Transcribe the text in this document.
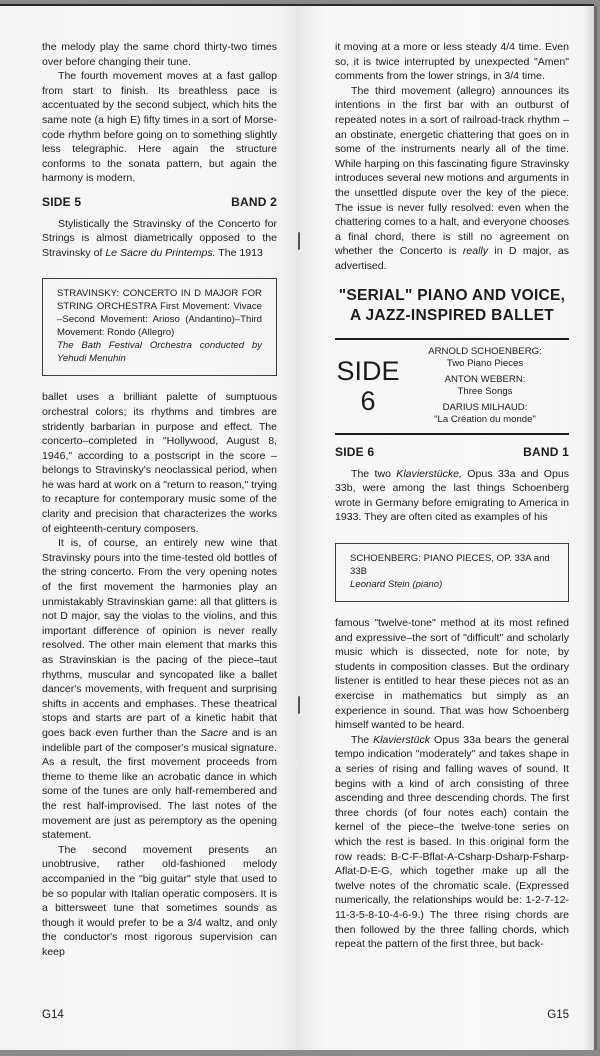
the melody play the same chord thirty-two times over before changing their tune.

The fourth movement moves at a fast gallop from start to finish. Its breathless pace is accentuated by the second subject, which hits the same note (a high E) fifty times in a sort of Morse-code rhythm before going on to something slightly less telegraphic. Here again the structure conforms to the sonata pattern, but again the harmony is modern.

SIDE 5	BAND 2

Stylistically the Stravinsky of the Concerto for Strings is almost diametrically opposed to the Stravinsky of Le Sacre du Printemps. The 1913

STRAVINSKY: CONCERTO IN D MAJOR FOR STRING ORCHESTRA First Movement: Vivace –Second Movement: Arioso (Andantino)–Third Movement: Rondo (Allegro)
The Bath Festival Orchestra conducted by Yehudi Menuhin

ballet uses a brilliant palette of sumptuous orchestral colors; its rhythms and timbres are stridently barbarian in purpose and effect. The concerto–completed in "Hollywood, August 8, 1946," according to a postscript in the score –belongs to Stravinsky's neoclassical period, when he was hard at work on a "return to reason," trying to recapture for contemporary music some of the clarity and precision that characterizes the works of eighteenth-century composers.

It is, of course, an entirely new wine that Stravinsky pours into the time-tested old bottles of the string concerto. From the very opening notes of the first movement the harmonies play an unmistakably Stravinskian game: all that glitters is not D major, say the violas to the violins, and this important difference of opinion is never really resolved. The other main element that marks this as Stravinskian is the pacing of the piece–taut rhythms, muscular and syncopated like a ballet dancer's movements, with frequent and surprising shifts in accents and emphases. These theatrical stops and starts are part of a kinetic habit that goes back even further than the Sacre and is an indelible part of the composer's musical signature. As a result, the first movement proceeds from theme to theme like an acrobatic dance in which some of the tunes are only half-remembered and the rest half-improvised. The last notes of the movement are just as peremptory as the opening statement.

The second movement presents an unobtrusive, rather old-fashioned melody accompanied in the "big guitar" style that used to be so popular with Italian operatic composers. It is a bittersweet tune that sometimes sounds as though it would prefer to be a 3/4 waltz, and only the conductor's most rigorous supervision can keep

G14

it moving at a more or less steady 4/4 time. Even so, it is twice interrupted by unexpected "Amen" comments from the lower strings, in 3/4 time.

The third movement (allegro) announces its intentions in the first bar with an outburst of repeated notes in a sort of railroad-track rhythm –an obstinate, energetic chattering that goes on in some of the instruments nearly all of the time. While harping on this fascinating figure Stravinsky introduces several new motions and arguments in the unsettled dispute over the key of the piece. The issue is never fully resolved: even when the chattering comes to a halt, and everyone chooses a final chord, there is still no agreement on whether the Concerto is really in D major, as advertised.

"SERIAL" PIANO AND VOICE,
A JAZZ-INSPIRED BALLET
SIDE
6
ARNOLD SCHOENBERG:
Two Piano Pieces
ANTON WEBERN:
Three Songs
DARIUS MILHAUD:
"La Création du monde"
SIDE 6	BAND 1

The two Klavierstücke, Opus 33a and Opus 33b, were among the last things Schoenberg wrote in Germany before emigrating to America in 1933. They are often cited as examples of his

SCHOENBERG: PIANO PIECES, OP. 33A and 33B
Leonard Stein (piano)

famous "twelve-tone" method at its most refined and expressive–the sort of "difficult" and scholarly music which is dissected, note for note, by students in composition classes. But the ordinary listener is entitled to hear these pieces not as an exercise in mathematics but simply as an experience in sound. That was how Schoenberg himself wanted to be heard.

The Klavierstück Opus 33a bears the general tempo indication "moderately" and takes shape in a series of rising and falling waves of sound. It begins with a kind of arch consisting of three ascending and three descending chords. The first three chords (of four notes each) contain the kernel of the piece–the twelve-tone series on which the rest is based. In this original form the row reads: B-C-F-Bflat-A-Csharp-Dsharp-Fsharp-Aflat-D-E-G, which together make up all the twelve notes of the chromatic scale. (Expressed numerically, the relationships would be: 1-2-7-12-11-3-5-8-10-4-6-9.) The three rising chords are then followed by the three falling chords, which repeat the pattern of the first three, but back-

G15
